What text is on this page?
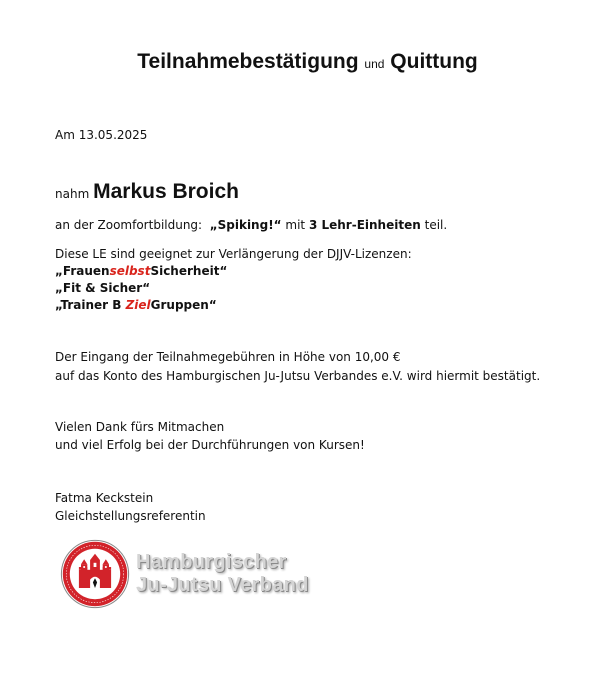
Teilnahmebestätigung und Quittung
Am 13.05.2025
nahm Markus Broich
an der Zoomfortbildung: „Spiking!“ mit 3 Lehr-Einheiten teil.
Diese LE sind geeignet zur Verlängerung der DJJV-Lizenzen:
„FrauenselbstSicherheit“
„Fit & Sicher“
„Trainer B ZielGruppen“
Der Eingang der Teilnahmegebühren in Höhe von 10,00 €
auf das Konto des Hamburgischen Ju-Jutsu Verbandes e.V. wird hiermit bestätigt.
Vielen Dank fürs Mitmachen
und viel Erfolg bei der Durchführungen von Kursen!
Fatma Keckstein
Gleichstellungsreferentin
Hamburgischer
Ju-Jutsu Verband
